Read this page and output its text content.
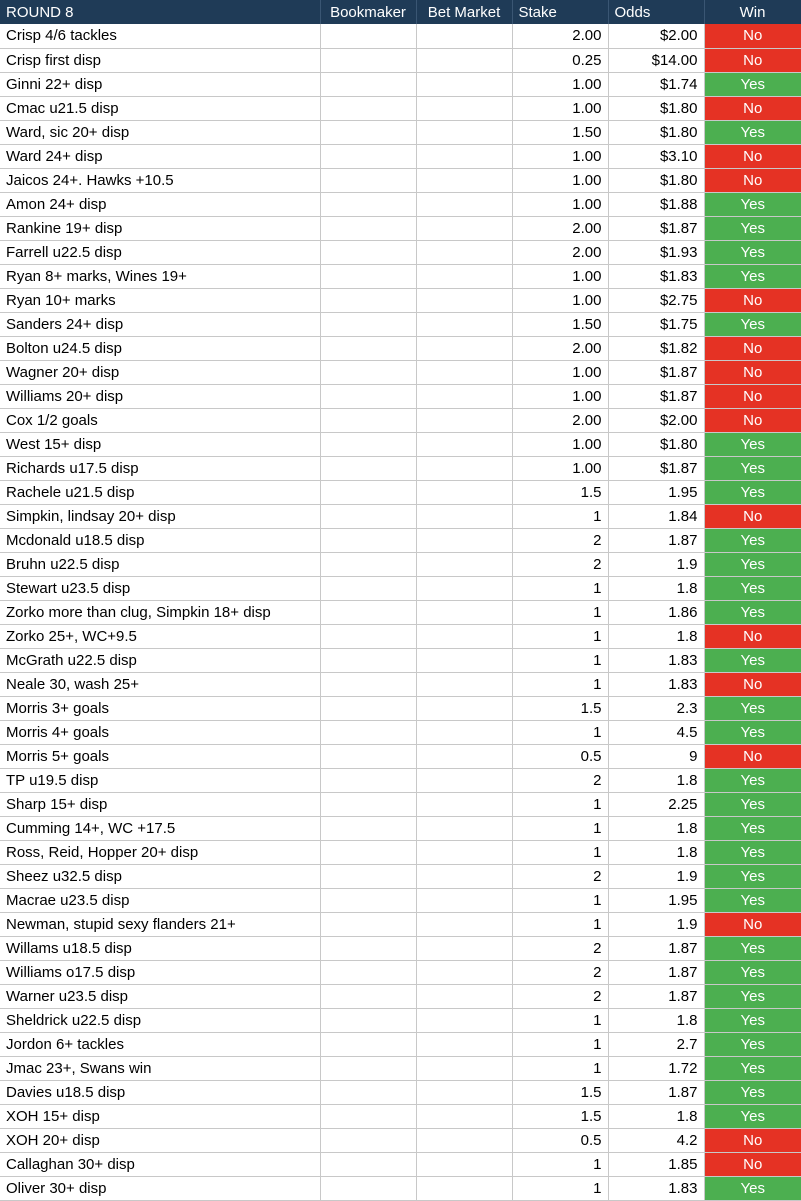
ROUND 8	Bookmaker	Bet Market	Stake	Odds	Win
Crisp 4/6 tackles			2.00	$2.00	No
Crisp first disp			0.25	$14.00	No
Ginni 22+ disp			1.00	$1.74	Yes
Cmac u21.5 disp			1.00	$1.80	No
Ward, sic 20+ disp			1.50	$1.80	Yes
Ward 24+ disp			1.00	$3.10	No
Jaicos 24+. Hawks +10.5			1.00	$1.80	No
Amon 24+ disp			1.00	$1.88	Yes
Rankine 19+ disp			2.00	$1.87	Yes
Farrell u22.5 disp			2.00	$1.93	Yes
Ryan 8+ marks, Wines 19+			1.00	$1.83	Yes
Ryan 10+ marks			1.00	$2.75	No
Sanders 24+ disp			1.50	$1.75	Yes
Bolton u24.5 disp			2.00	$1.82	No
Wagner 20+ disp			1.00	$1.87	No
Williams 20+ disp			1.00	$1.87	No
Cox 1/2 goals			2.00	$2.00	No
West 15+ disp			1.00	$1.80	Yes
Richards u17.5 disp			1.00	$1.87	Yes
Rachele u21.5 disp			1.5	1.95	Yes
Simpkin, lindsay 20+ disp			1	1.84	No
Mcdonald u18.5 disp			2	1.87	Yes
Bruhn u22.5 disp			2	1.9	Yes
Stewart u23.5 disp			1	1.8	Yes
Zorko more than clug, Simpkin 18+ disp			1	1.86	Yes
Zorko 25+, WC+9.5			1	1.8	No
McGrath u22.5 disp			1	1.83	Yes
Neale 30, wash 25+			1	1.83	No
Morris 3+ goals			1.5	2.3	Yes
Morris 4+ goals			1	4.5	Yes
Morris 5+ goals			0.5	9	No
TP u19.5 disp			2	1.8	Yes
Sharp 15+ disp			1	2.25	Yes
Cumming 14+, WC +17.5			1	1.8	Yes
Ross, Reid, Hopper 20+ disp			1	1.8	Yes
Sheez u32.5 disp			2	1.9	Yes
Macrae u23.5 disp			1	1.95	Yes
Newman, stupid sexy flanders 21+			1	1.9	No
Willams u18.5 disp			2	1.87	Yes
Williams o17.5 disp			2	1.87	Yes
Warner u23.5 disp			2	1.87	Yes
Sheldrick u22.5 disp			1	1.8	Yes
Jordon 6+ tackles			1	2.7	Yes
Jmac 23+, Swans win			1	1.72	Yes
Davies u18.5 disp			1.5	1.87	Yes
XOH 15+ disp			1.5	1.8	Yes
XOH 20+ disp			0.5	4.2	No
Callaghan 30+ disp			1	1.85	No
Oliver 30+ disp			1	1.83	Yes
